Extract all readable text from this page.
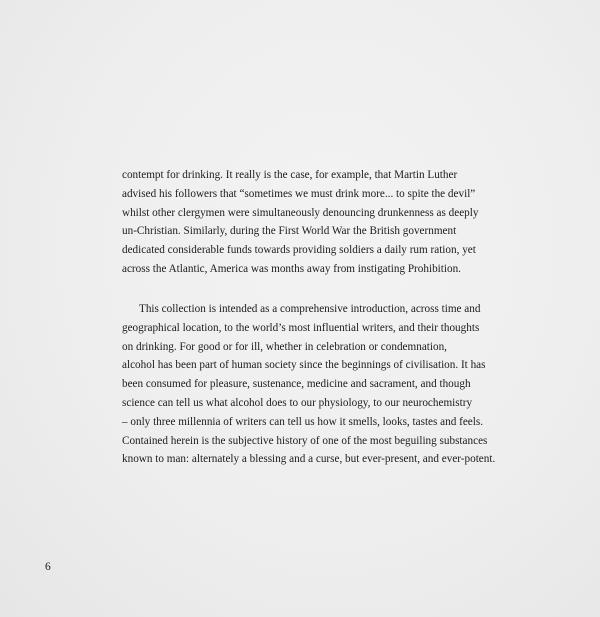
contempt for drinking. It really is the case, for example, that Martin Luther
advised his followers that “sometimes we must drink more... to spite the devil”
whilst other clergymen were simultaneously denouncing drunkenness as deeply
un-Christian. Similarly, during the First World War the British government
dedicated considerable funds towards providing soldiers a daily rum ration, yet
across the Atlantic, America was months away from instigating Prohibition.
This collection is intended as a comprehensive introduction, across time and
geographical location, to the world’s most influential writers, and their thoughts
on drinking. For good or for ill, whether in celebration or condemnation,
alcohol has been part of human society since the beginnings of civilisation. It has
been consumed for pleasure, sustenance, medicine and sacrament, and though
science can tell us what alcohol does to our physiology, to our neurochemistry
– only three millennia of writers can tell us how it smells, looks, tastes and feels.
Contained herein is the subjective history of one of the most beguiling substances
known to man: alternately a blessing and a curse, but ever-present, and ever-potent.
6
